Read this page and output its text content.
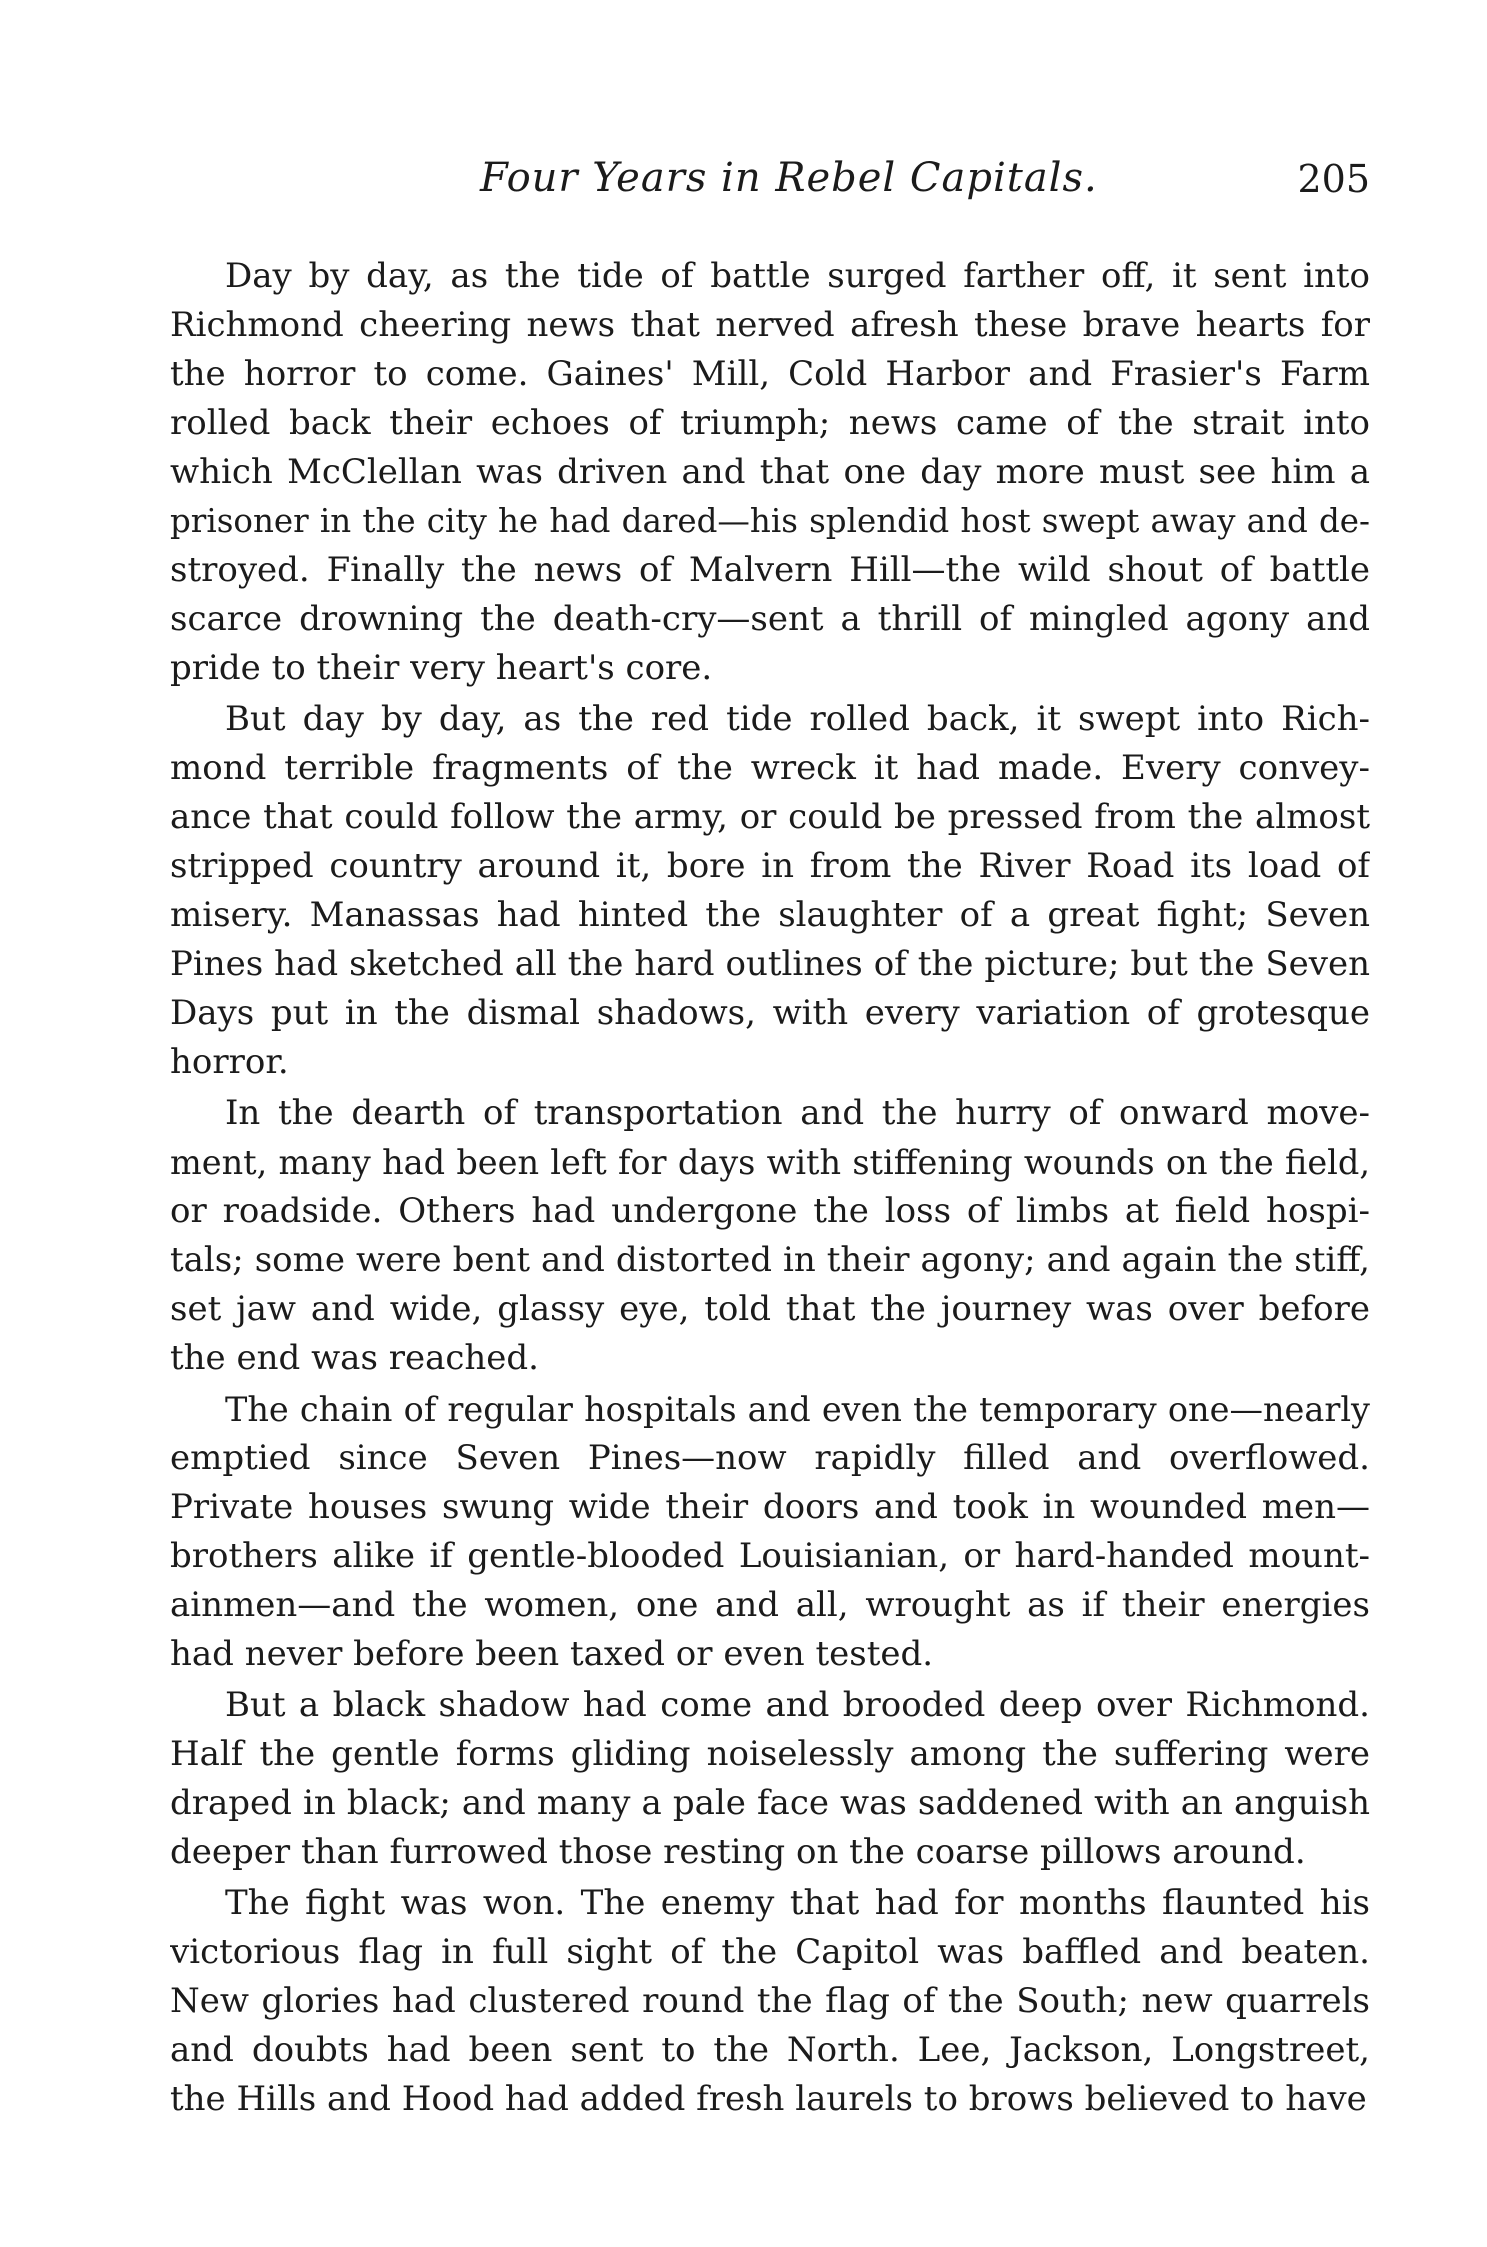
Four Years in Rebel Capitals.	205
Day by day, as the tide of battle surged farther off, it sent into
Richmond cheering news that nerved afresh these brave hearts for
the horror to come. Gaines' Mill, Cold Harbor and Frasier's Farm
rolled back their echoes of triumph; news came of the strait into
which McClellan was driven and that one day more must see him a
prisoner in the city he had dared—his splendid host swept away and de-
stroyed. Finally the news of Malvern Hill—the wild shout of battle
scarce drowning the death-cry—sent a thrill of mingled agony and
pride to their very heart's core.
But day by day, as the red tide rolled back, it swept into Rich-
mond terrible fragments of the wreck it had made. Every convey-
ance that could follow the army, or could be pressed from the almost
stripped country around it, bore in from the River Road its load of
misery. Manassas had hinted the slaughter of a great fight; Seven
Pines had sketched all the hard outlines of the picture; but the Seven
Days put in the dismal shadows, with every variation of grotesque
horror.
In the dearth of transportation and the hurry of onward move-
ment, many had been left for days with stiffening wounds on the field,
or roadside. Others had undergone the loss of limbs at field hospi-
tals; some were bent and distorted in their agony; and again the stiff,
set jaw and wide, glassy eye, told that the journey was over before
the end was reached.
The chain of regular hospitals and even the temporary one—nearly
emptied since Seven Pines—now rapidly filled and overflowed.
Private houses swung wide their doors and took in wounded men—
brothers alike if gentle-blooded Louisianian, or hard-handed mount-
ainmen—and the women, one and all, wrought as if their energies
had never before been taxed or even tested.
But a black shadow had come and brooded deep over Richmond.
Half the gentle forms gliding noiselessly among the suffering were
draped in black; and many a pale face was saddened with an anguish
deeper than furrowed those resting on the coarse pillows around.
The fight was won. The enemy that had for months flaunted his
victorious flag in full sight of the Capitol was baffled and beaten.
New glories had clustered round the flag of the South; new quarrels
and doubts had been sent to the North. Lee, Jackson, Longstreet,
the Hills and Hood had added fresh laurels to brows believed to have
